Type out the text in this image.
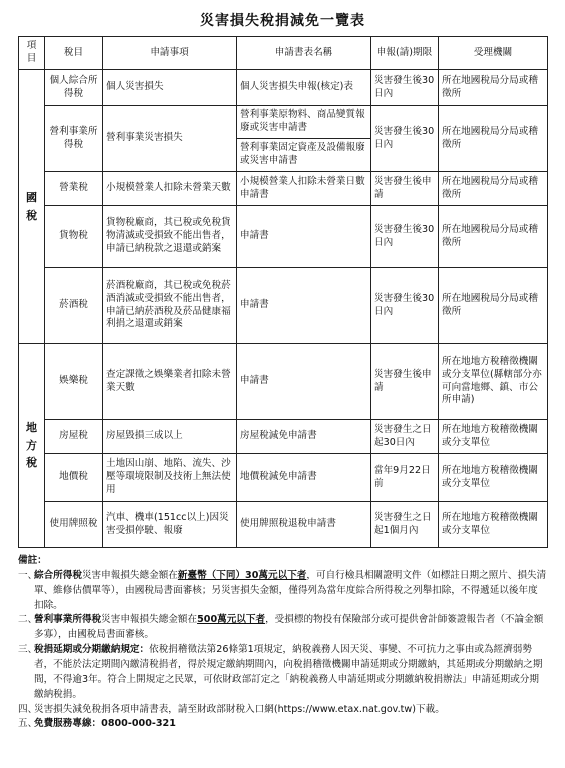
災害損失稅捐減免一覽表
項目	稅目	申請事項	申請書表名稱	申報(請)期限	受理機關
國
稅	個人綜合所得稅	個人災害損失	個人災害損失申報(核定)表	災害發生後30日內	所在地國稅局分局或稽徵所
	營利事業所得稅	營利事業災害損失	營利事業原物料、商品變質報廢或災害申請書	災害發生後30日內	所在地國稅局分局或稽徵所
			營利事業固定資產及設備報廢或災害申請書		
	營業稅	小規模營業人扣除未營業天數	小規模營業人扣除未營業日數申請書	災害發生後申請	所在地國稅局分局或稽徵所
	貨物稅	貨物稅廠商，其已稅或免稅貨物清滅或受損致不能出售者，申請已納稅款之退還或銷案	申請書	災害發生後30日內	所在地國稅局分局或稽徵所
	菸酒稅	菸酒稅廠商，其已稅或免稅菸酒消滅或受損致不能出售者，申請已納菸酒稅及菸品健康福利捐之退還或銷案	申請書	災害發生後30日內	所在地國稅局分局或稽徵所
地
方
稅	娛樂稅	查定課徵之娛樂業者扣除未營業天數	申請書	災害發生後申請	所在地地方稅稽徵機關或分支單位(縣轄部分亦可向當地鄉、鎮、市公所申請)
	房屋稅	房屋毀損三成以上	房屋稅減免申請書	災害發生之日起30日內	所在地地方稅稽徵機關或分支單位
	地價稅	土地因山崩、地陷、流失、沙壓等環境限制及技術上無法使用	地價稅減免申請書	當年9月22日前	所在地地方稅稽徵機關或分支單位
	使用牌照稅	汽車、機車(151cc以上)因災害受損停駛、報廢	使用牌照稅退稅申請書	災害發生之日起1個月內	所在地地方稅稽徵機關或分支單位
備註：
一、
綜合所得稅災害申報損失總金額在新臺幣（下同）30萬元以下者，可自行檢具相關證明文件（如標註日期之照片、損失清單、維修估價單等），由國稅局書面審核；另災害損失金額，僅得列為當年度綜合所得稅之列舉扣除，不得遞延以後年度扣除。
二、
營利事業所得稅災害申報損失總金額在500萬元以下者，受損標的物投有保險部分或可提供會計師簽證報告者（不論金額多寡），由國稅局書面審核。
三、
稅捐延期或分期繳納規定：依稅捐稽徵法第26條第1項規定，納稅義務人因天災、事變、不可抗力之事由或為經濟弱勢者，不能於法定期間內繳清稅捐者，得於規定繳納期間內，向稅捐稽徵機關申請延期或分期繳納，其延期或分期繳納之期間，不得逾3年。符合上開規定之民眾，可依財政部訂定之「納稅義務人申請延期或分期繳納稅捐辦法」申請延期或分期繳納稅捐。
四、
災害損失減免稅捐各項申請書表，請至財政部財稅入口網(https://www.etax.nat.gov.tw)下載。
五、
免費服務專線：0800-000-321
